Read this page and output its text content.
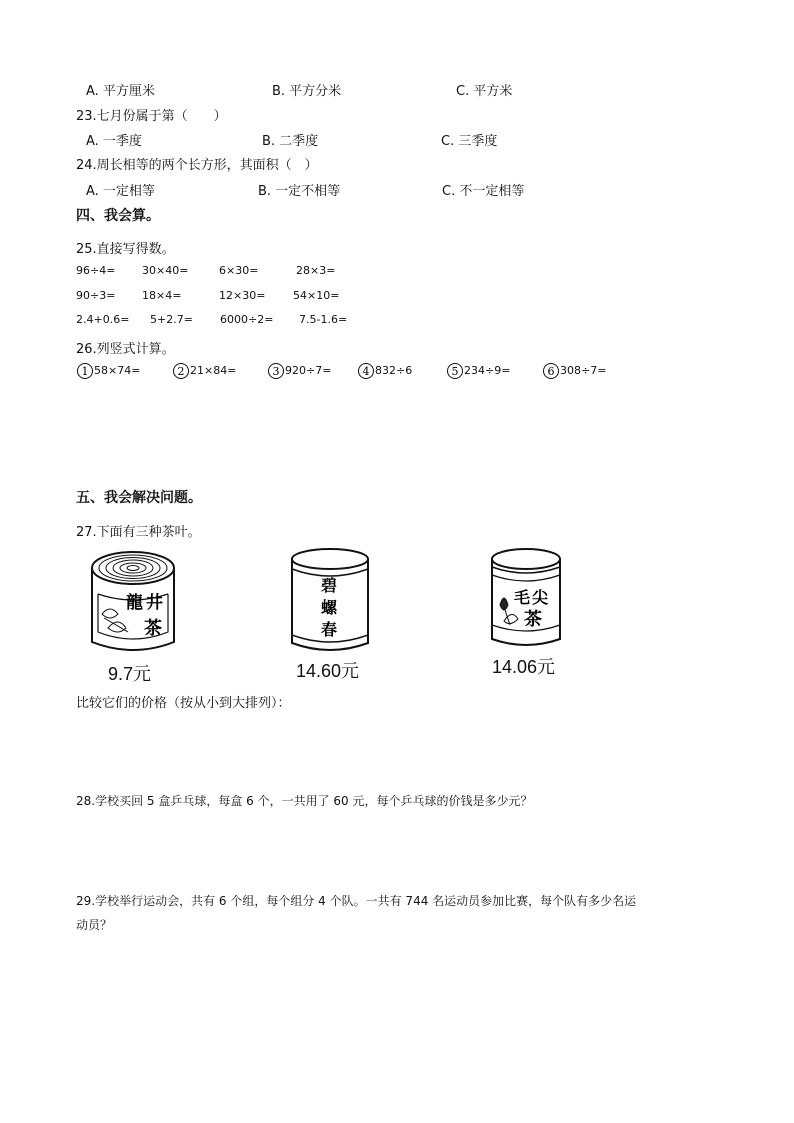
A. 平方厘米	B. 平方分米	C. 平方米
23.七月份属于第（　　）
A. 一季度	B. 二季度	C. 三季度
24.周长相等的两个长方形，其面积（　）
A. 一定相等	B. 一定不相等	C. 不一定相等
四、我会算。
25.直接写得数。
96÷4= 30×40=	6×30=	28×3=
90÷3= 18×4=	12×30=	54×10=
2.4+0.6= 5+2.7= 6000÷2= 7.5-1.6=
26.列竖式计算。
1 58×74=	2 21×84=	3 920÷7=	4 832÷6	5 234÷9=	6 308÷7=
五、我会解决问题。
27.下面有三种茶叶。
龍 井
茶
9.7元
碧
螺
春
14.60元
毛 尖
茶
14.06元
比较它们的价格（按从小到大排列）：
28.学校买回 5 盒乒乓球，每盒 6 个，一共用了 60 元，每个乒乓球的价钱是多少元？
29.学校举行运动会，共有 6 个组，每个组分 4 个队。一共有 744 名运动员参加比赛，每个队有多少名运
动员？
